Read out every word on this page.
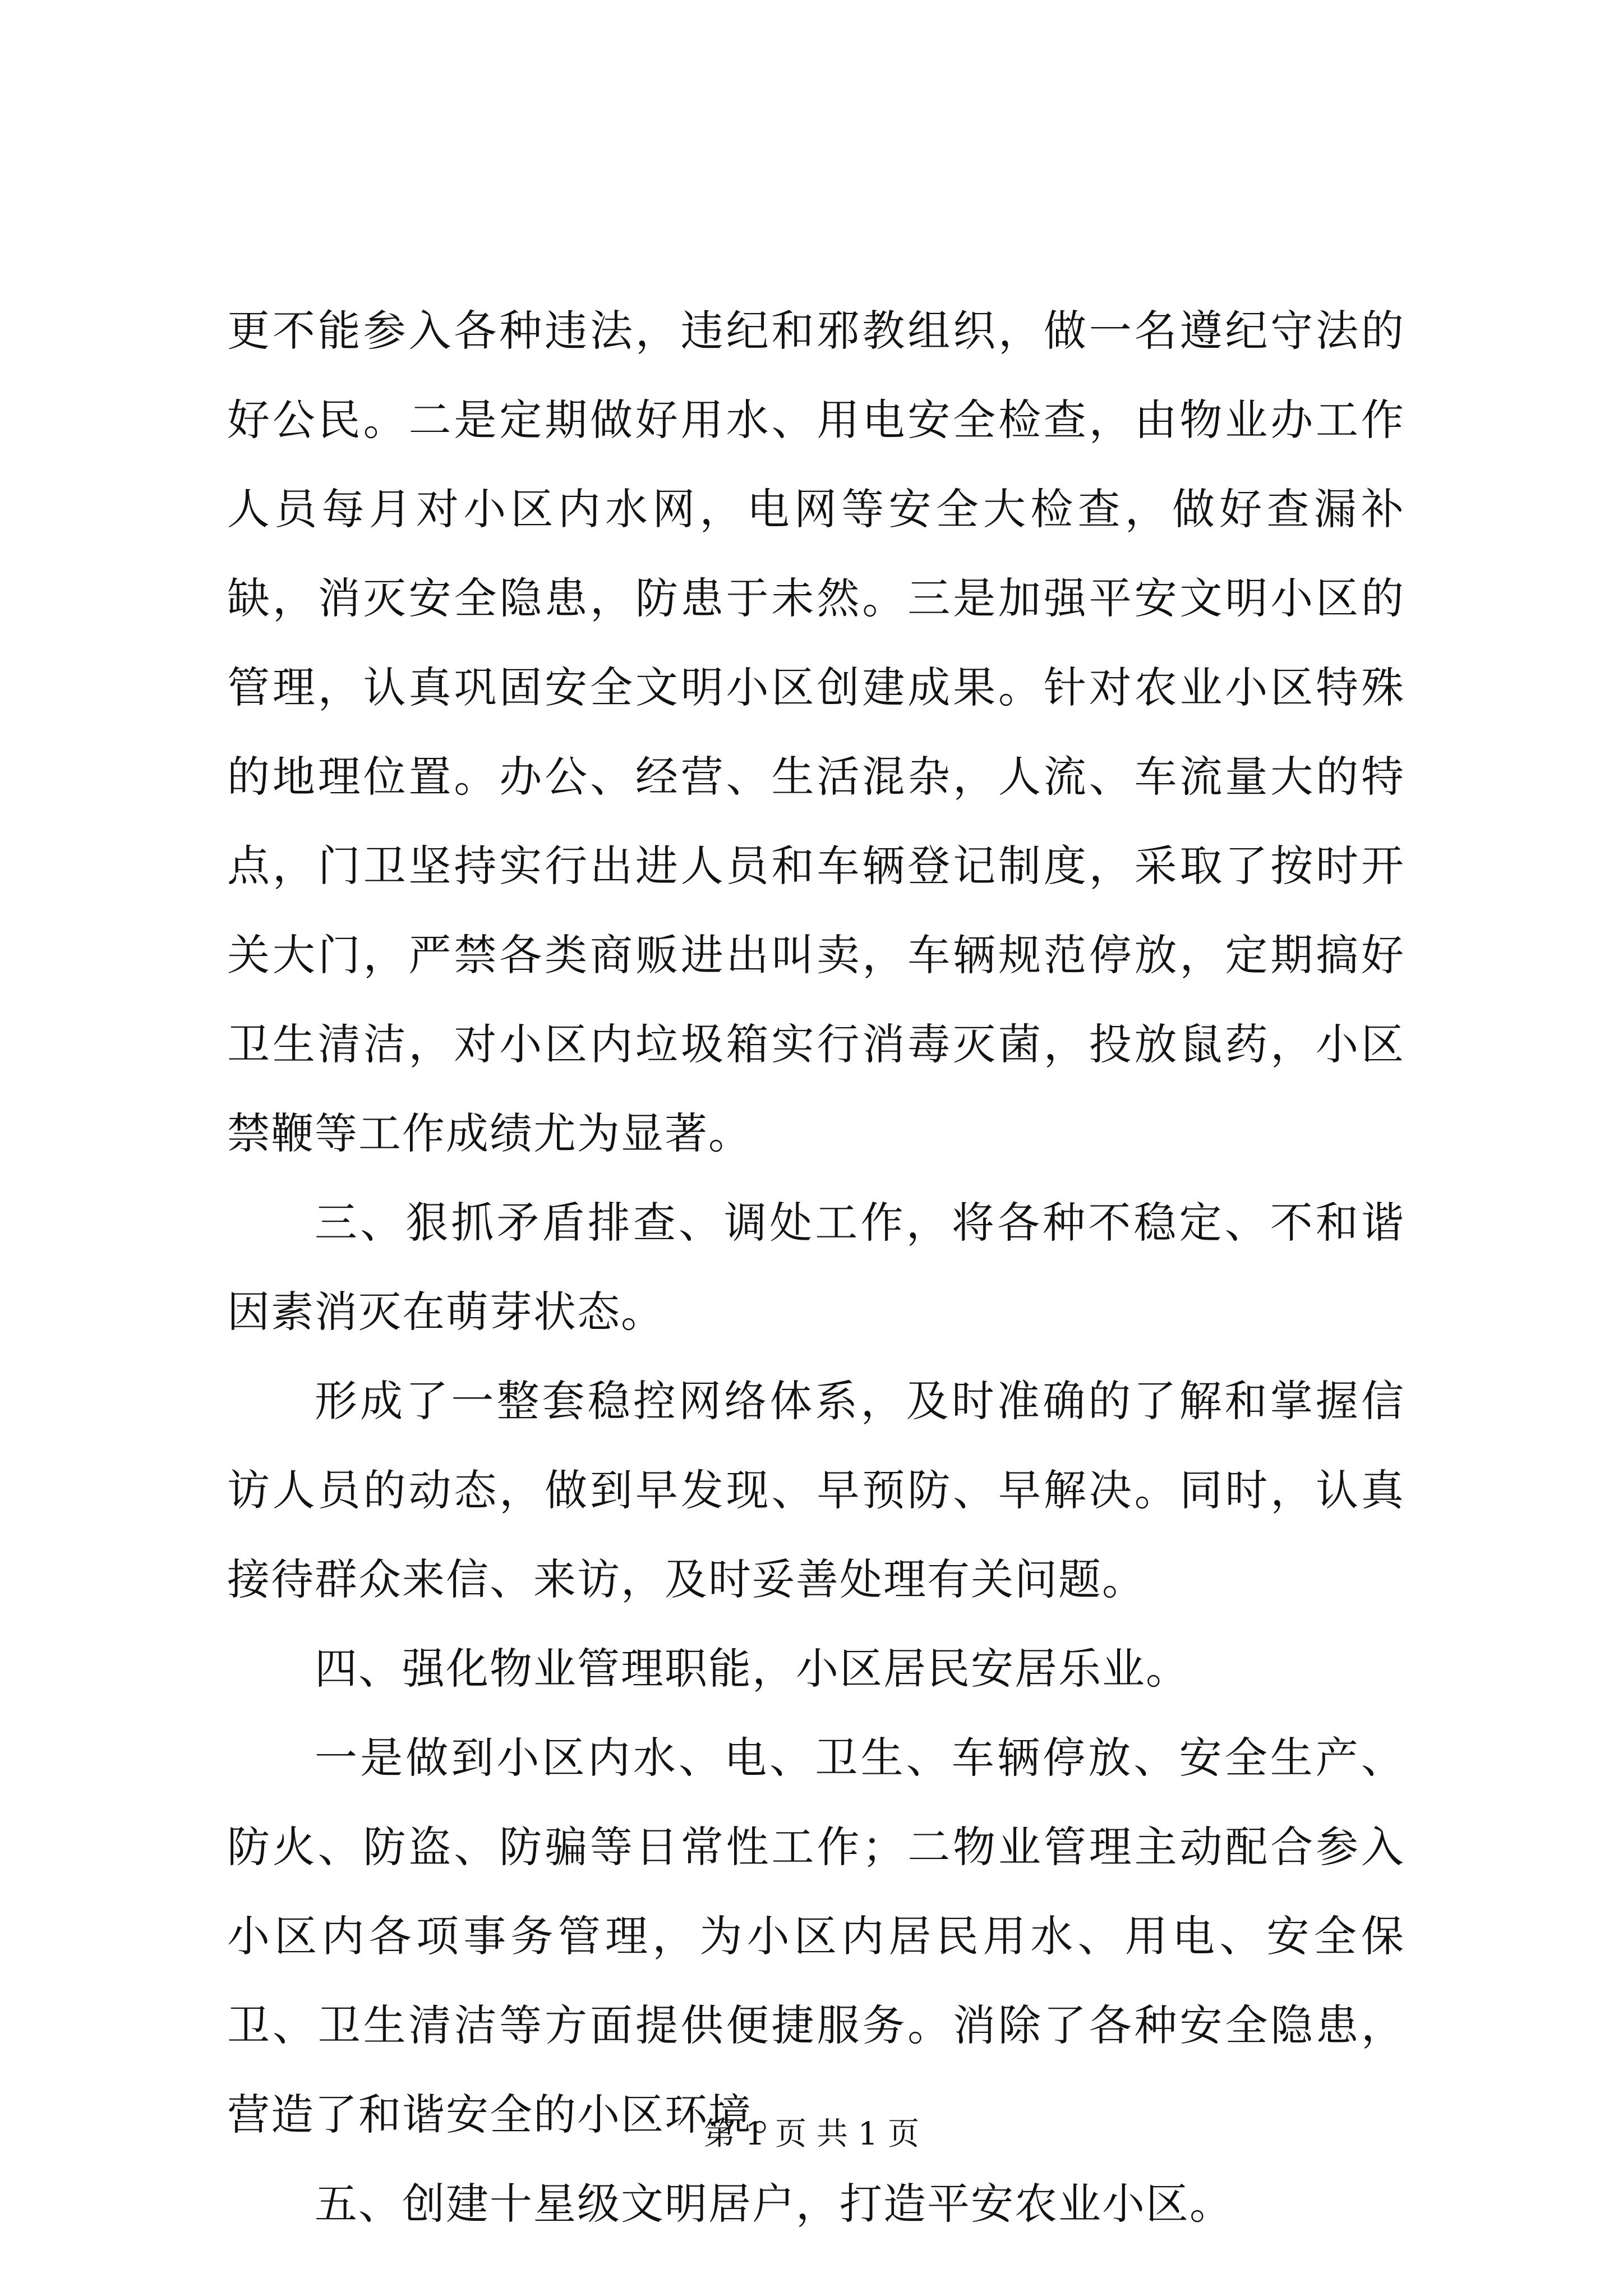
更不能参入各种违法，违纪和邪教组织，做一名遵纪守法的好公民。二是定期做好用水、用电安全检查，由物业办工作人员每月对小区内水网，电网等安全大检查，做好查漏补缺，消灭安全隐患，防患于未然。三是加强平安文明小区的管理，认真巩固安全文明小区创建成果。针对农业小区特殊的地理位置。办公、经营、生活混杂，人流、车流量大的特点，门卫坚持实行出进人员和车辆登记制度，采取了按时开关大门，严禁各类商贩进出叫卖，车辆规范停放，定期搞好卫生清洁，对小区内垃圾箱实行消毒灭菌，投放鼠药，小区禁鞭等工作成绩尤为显著。

三、狠抓矛盾排查、调处工作，将各种不稳定、不和谐因素消灭在萌芽状态。

形成了一整套稳控网络体系，及时准确的了解和掌握信访人员的动态，做到早发现、早预防、早解决。同时，认真接待群众来信、来访，及时妥善处理有关问题。

四、强化物业管理职能，小区居民安居乐业。

一是做到小区内水、电、卫生、车辆停放、安全生产、防火、防盗、防骗等日常性工作；二物业管理主动配合参入小区内各项事务管理，为小区内居民用水、用电、安全保卫、卫生清洁等方面提供便捷服务。消除了各种安全隐患，营造了和谐安全的小区环境。

五、创建十星级文明居户，打造平安农业小区。

第 1 页 共 1 页
